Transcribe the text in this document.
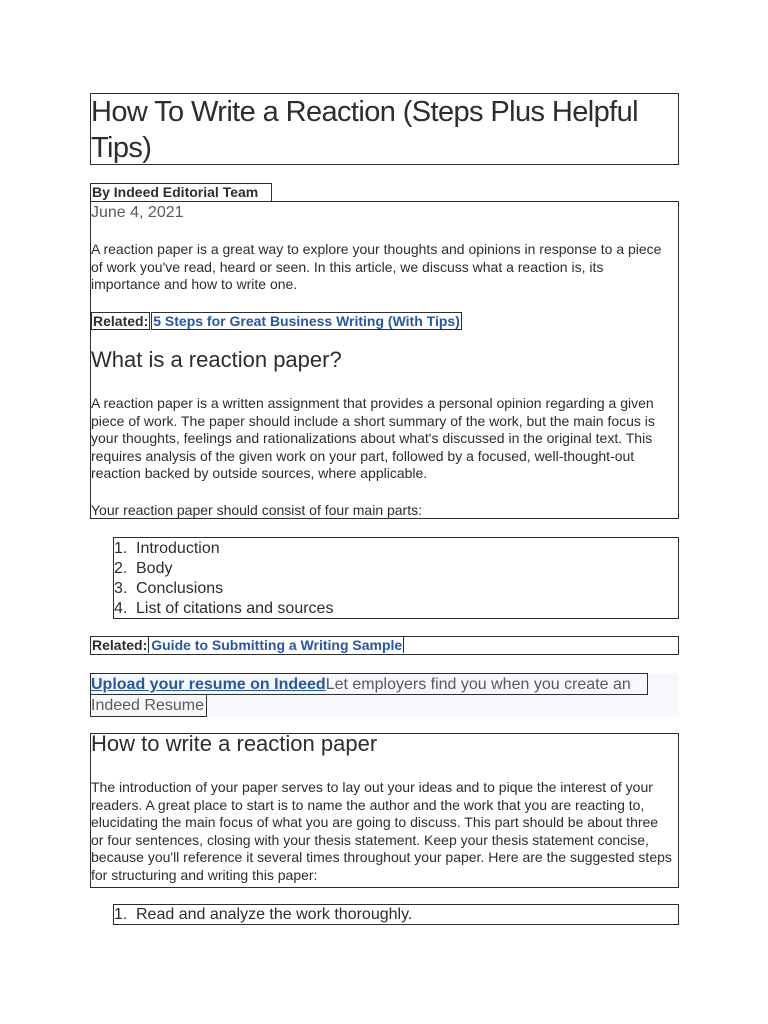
How To Write a Reaction (Steps Plus Helpful Tips)
By Indeed Editorial Team
June 4, 2021

A reaction paper is a great way to explore your thoughts and opinions in response to a piece of work you've read, heard or seen. In this article, we discuss what a reaction is, its importance and how to write one.

Related: 5 Steps for Great Business Writing (With Tips)
What is a reaction paper?

A reaction paper is a written assignment that provides a personal opinion regarding a given piece of work. The paper should include a short summary of the work, but the main focus is your thoughts, feelings and rationalizations about what's discussed in the original text. This requires analysis of the given work on your part, followed by a focused, well-thought-out reaction backed by outside sources, where applicable.

Your reaction paper should consist of four main parts:

1. Introduction
2. Body
3. Conclusions
4. List of citations and sources
Related: Guide to Submitting a Writing Sample
Upload your resume on IndeedLet employers find you when you create an
Indeed Resume
How to write a reaction paper

The introduction of your paper serves to lay out your ideas and to pique the interest of your readers. A great place to start is to name the author and the work that you are reacting to, elucidating the main focus of what you are going to discuss. This part should be about three or four sentences, closing with your thesis statement. Keep your thesis statement concise, because you'll reference it several times throughout your paper. Here are the suggested steps for structuring and writing this paper:

1. Read and analyze the work thoroughly.
